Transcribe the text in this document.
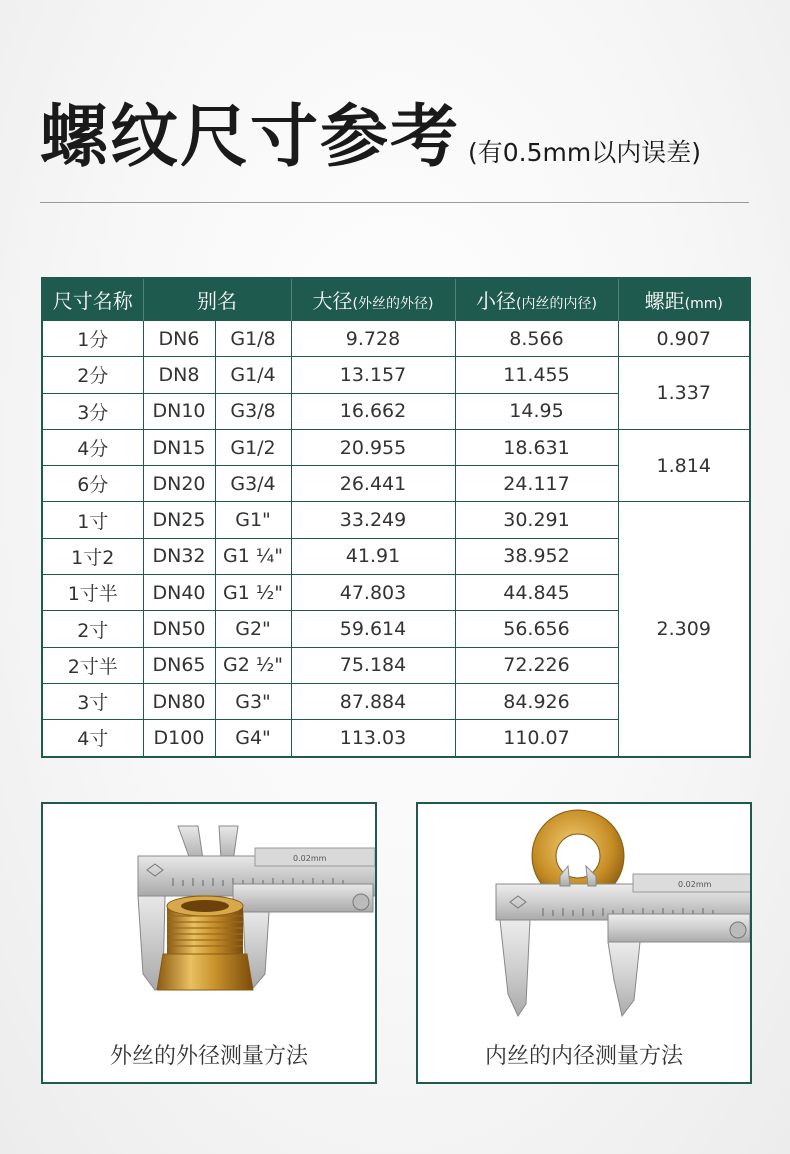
螺纹尺寸参考 (有0.5mm以内误差)
尺寸名称	别名		大径(外丝的外径)	小径(内丝的内径)	螺距(mm)
1分	DN6	G1/8	9.728	8.566	0.907
2分	DN8	G1/4	13.157	11.455	1.337
3分	DN10	G3/8	16.662	14.95	
4分	DN15	G1/2	20.955	18.631	1.814
6分	DN20	G3/4	26.441	24.117	
1寸	DN25	G1"	33.249	30.291	2.309
1寸2	DN32	G1 ¼"	41.91	38.952	
1寸半	DN40	G1 ½"	47.803	44.845	
2寸	DN50	G2"	59.614	56.656	
2寸半	DN65	G2 ½"	75.184	72.226	
3寸	DN80	G3"	87.884	84.926	
4寸	D100	G4"	113.03	110.07	
0.02mm
外丝的外径测量方法
0.02mm
内丝的内径测量方法
